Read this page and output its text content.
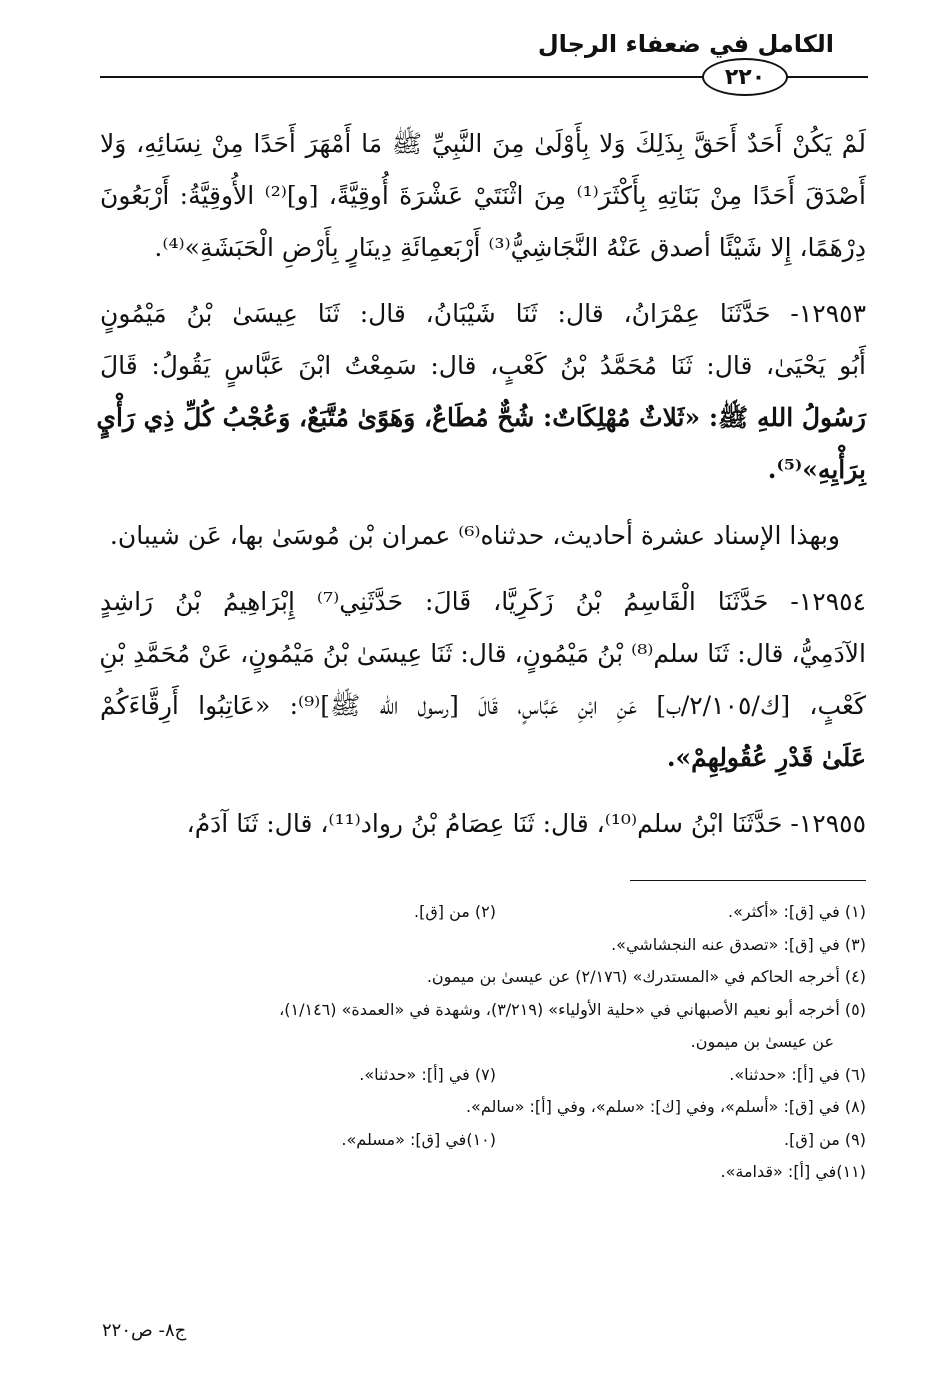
الكامل في ضعفاء الرجال
٢٢٠
لَمْ يَكُنْ أَحَدٌ أَحَقَّ بِذَلِكَ وَلا بِأَوْلَىٰ مِنَ النَّبِيِّ ﷺ مَا أَمْهَرَ أَحَدًا مِنْ نِسَائِهِ، وَلا
أَصْدَقَ أَحَدًا مِنْ بَنَاتِهِ بِأَكْثَرَ⁽¹⁾ مِنَ اثْنَتَيْ عَشْرَةَ أُوقِيَّةً، [و]⁽²⁾ الأُوقِيَّةُ: أَرْبَعُونَ
دِرْهَمًا، إِلا شَيْئًا أصدق عَنْهُ النَّجَاشِيُّ⁽³⁾ أَرْبَعمِائَةِ دِينَارٍ بِأَرْضِ الْحَبَشَةِ»⁽⁴⁾.
١٢٩٥٣- حَدَّثَنَا عِمْرَانُ، قال: ثَنَا شَيْبَانُ، قال: ثَنَا عِيسَىٰ بْنُ مَيْمُونٍ
أَبُو يَحْيَىٰ، قال: ثَنَا مُحَمَّدُ بْنُ كَعْبٍ، قال: سَمِعْتُ ابْنَ عَبَّاسٍ يَقُولُ: قَالَ
رَسُولُ اللهِ ﷺ: «ثَلاثٌ مُهْلِكَاتٌ: شُحٌّ مُطَاعٌ، وَهَوًىٰ مُتَّبَعٌ، وَعُجْبُ كُلِّ ذِي رَأْيٍ
بِرَأْيِهِ»⁽⁵⁾.
وبهذا الإسناد عشرة أحاديث، حدثناه⁽⁶⁾ عمران بْن مُوسَىٰ بها، عَن شيبان.
١٢٩٥٤- حَدَّثَنَا الْقَاسِمُ بْنُ زَكَرِيَّا، قَالَ: حَدَّثَنِي⁽⁷⁾ إِبْرَاهِيمُ بْنُ رَاشِدٍ
الآدَمِيُّ، قال: ثَنَا سلم⁽⁸⁾ بْنُ مَيْمُونٍ، قال: ثَنَا عِيسَىٰ بْنُ مَيْمُونٍ، عَنْ مُحَمَّدِ بْنِ
كَعْبٍ، [ك/٢/١٠٥/ب] عَنِ ابْنِ عَبَّاسٍ، قَالَ [رسول الله ﷺ]⁽⁹⁾: «عَاتِبُوا أَرِقَّاءَكُمْ
عَلَىٰ قَدْرِ عُقُولِهِمْ».
١٢٩٥٥- حَدَّثَنَا ابْنُ سلم⁽¹⁰⁾، قال: ثَنَا عِصَامُ بْنُ رواد⁽¹¹⁾، قال: ثَنَا آدَمُ،
(١) في [ق]: «أكثر».
(٢) من [ق].
(٣) في [ق]: «تصدق عنه النجشاشي».
(٤) أخرجه الحاكم في «المستدرك» (٢/١٧٦) عن عيسىٰ بن ميمون.
(٥) أخرجه أبو نعيم الأصبهاني في «حلية الأولياء» (٣/٢١٩)، وشهدة في «العمدة» (١/١٤٦)،
عن عيسىٰ بن ميمون.
(٦) في [أ]: «حدثنا».
(٧) في [أ]: «حدثنا».
(٨) في [ق]: «أسلم»، وفي [ك]: «سلم»، وفي [أ]: «سالم».
(٩) من [ق].
(١٠)في [ق]: «مسلم».
(١١)في [أ]: «قدامة».
ج٨- ص٢٢٠
